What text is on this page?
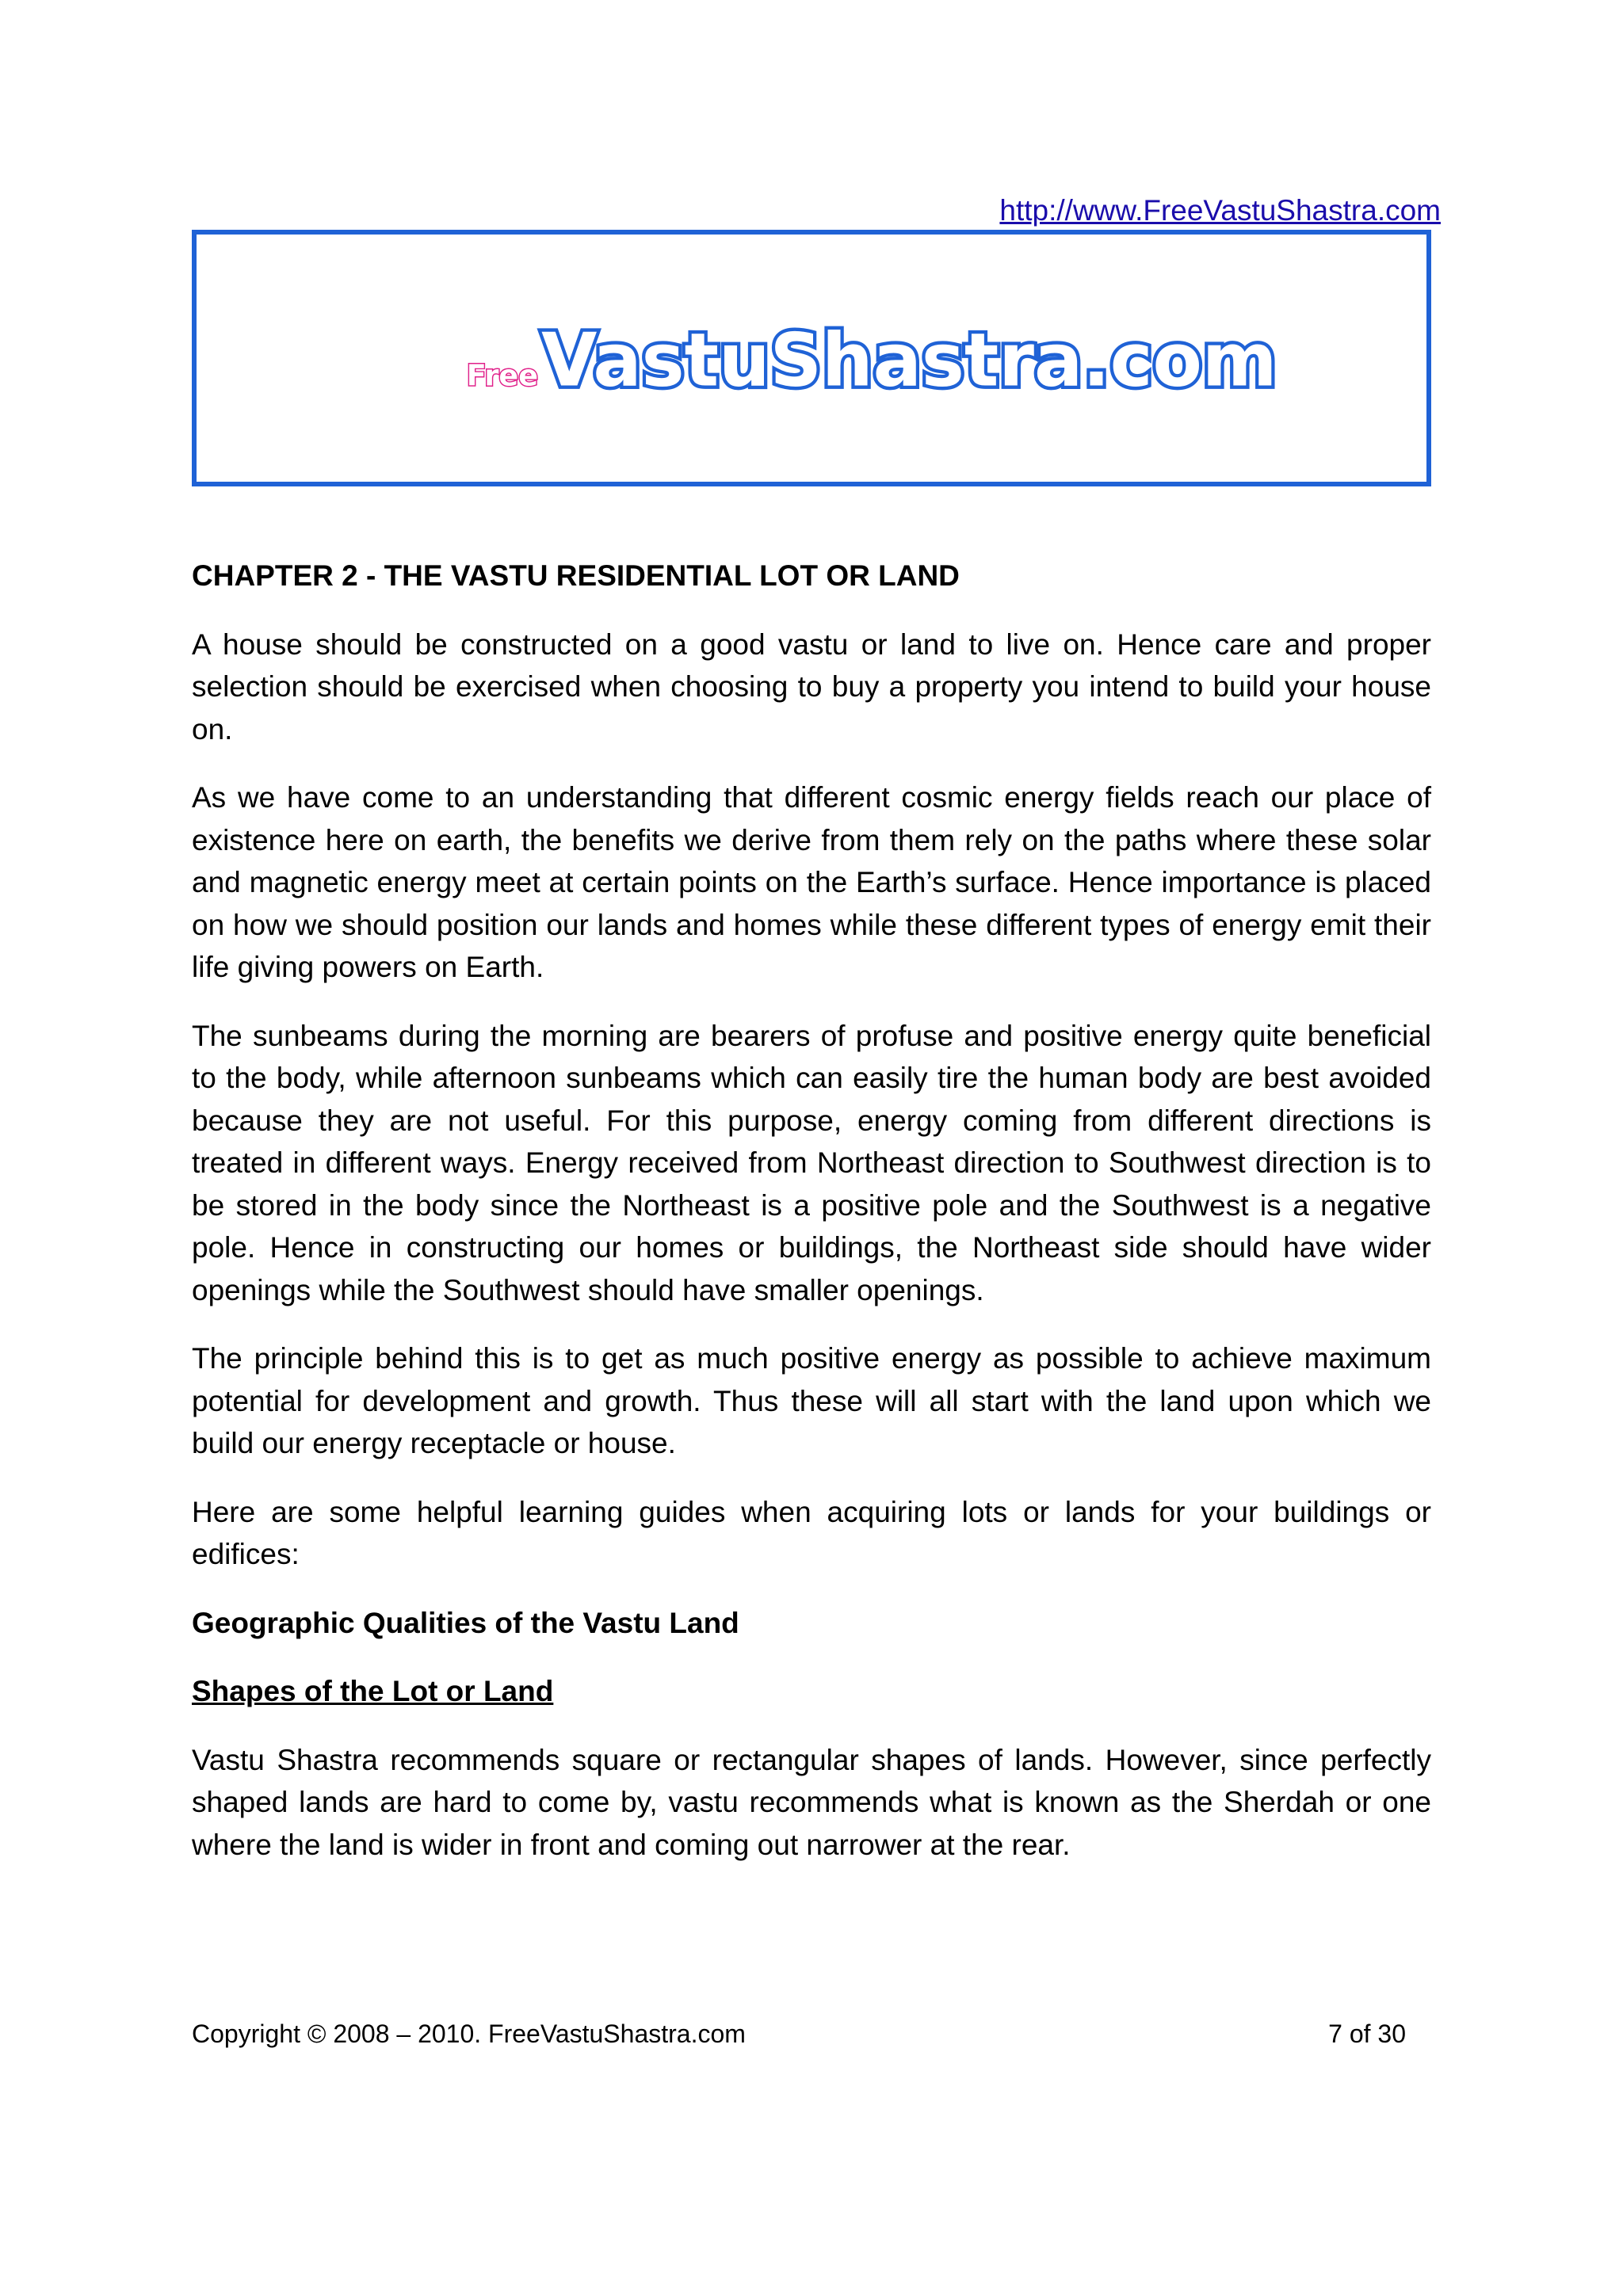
http://www.FreeVastuShastra.com
Free VastuShastra.com
CHAPTER 2 - THE VASTU RESIDENTIAL LOT OR LAND

A house should be constructed on a good vastu or land to live on. Hence care and proper selection should be exercised when choosing to buy a property you intend to build your house on.

As we have come to an understanding that different cosmic energy fields reach our place of existence here on earth, the benefits we derive from them rely on the paths where these solar and magnetic energy meet at certain points on the Earth’s surface. Hence importance is placed on how we should position our lands and homes while these different types of energy emit their life giving powers on Earth.

The sunbeams during the morning are bearers of profuse and positive energy quite beneficial to the body, while afternoon sunbeams which can easily tire the human body are best avoided because they are not useful. For this purpose, energy coming from different directions is treated in different ways. Energy received from Northeast direction to Southwest direction is to be stored in the body since the Northeast is a positive pole and the Southwest is a negative pole. Hence in constructing our homes or buildings, the Northeast side should have wider openings while the Southwest should have smaller openings.

The principle behind this is to get as much positive energy as possible to achieve maximum potential for development and growth. Thus these will all start with the land upon which we build our energy receptacle or house.

Here are some helpful learning guides when acquiring lots or lands for your buildings or edifices:

Geographic Qualities of the Vastu Land
Shapes of the Lot or Land

Vastu Shastra recommends square or rectangular shapes of lands. However, since perfectly shaped lands are hard to come by, vastu recommends what is known as the Sherdah or one where the land is wider in front and coming out narrower at the rear.

Copyright © 2008 – 2010. FreeVastuShastra.com	7 of 30
